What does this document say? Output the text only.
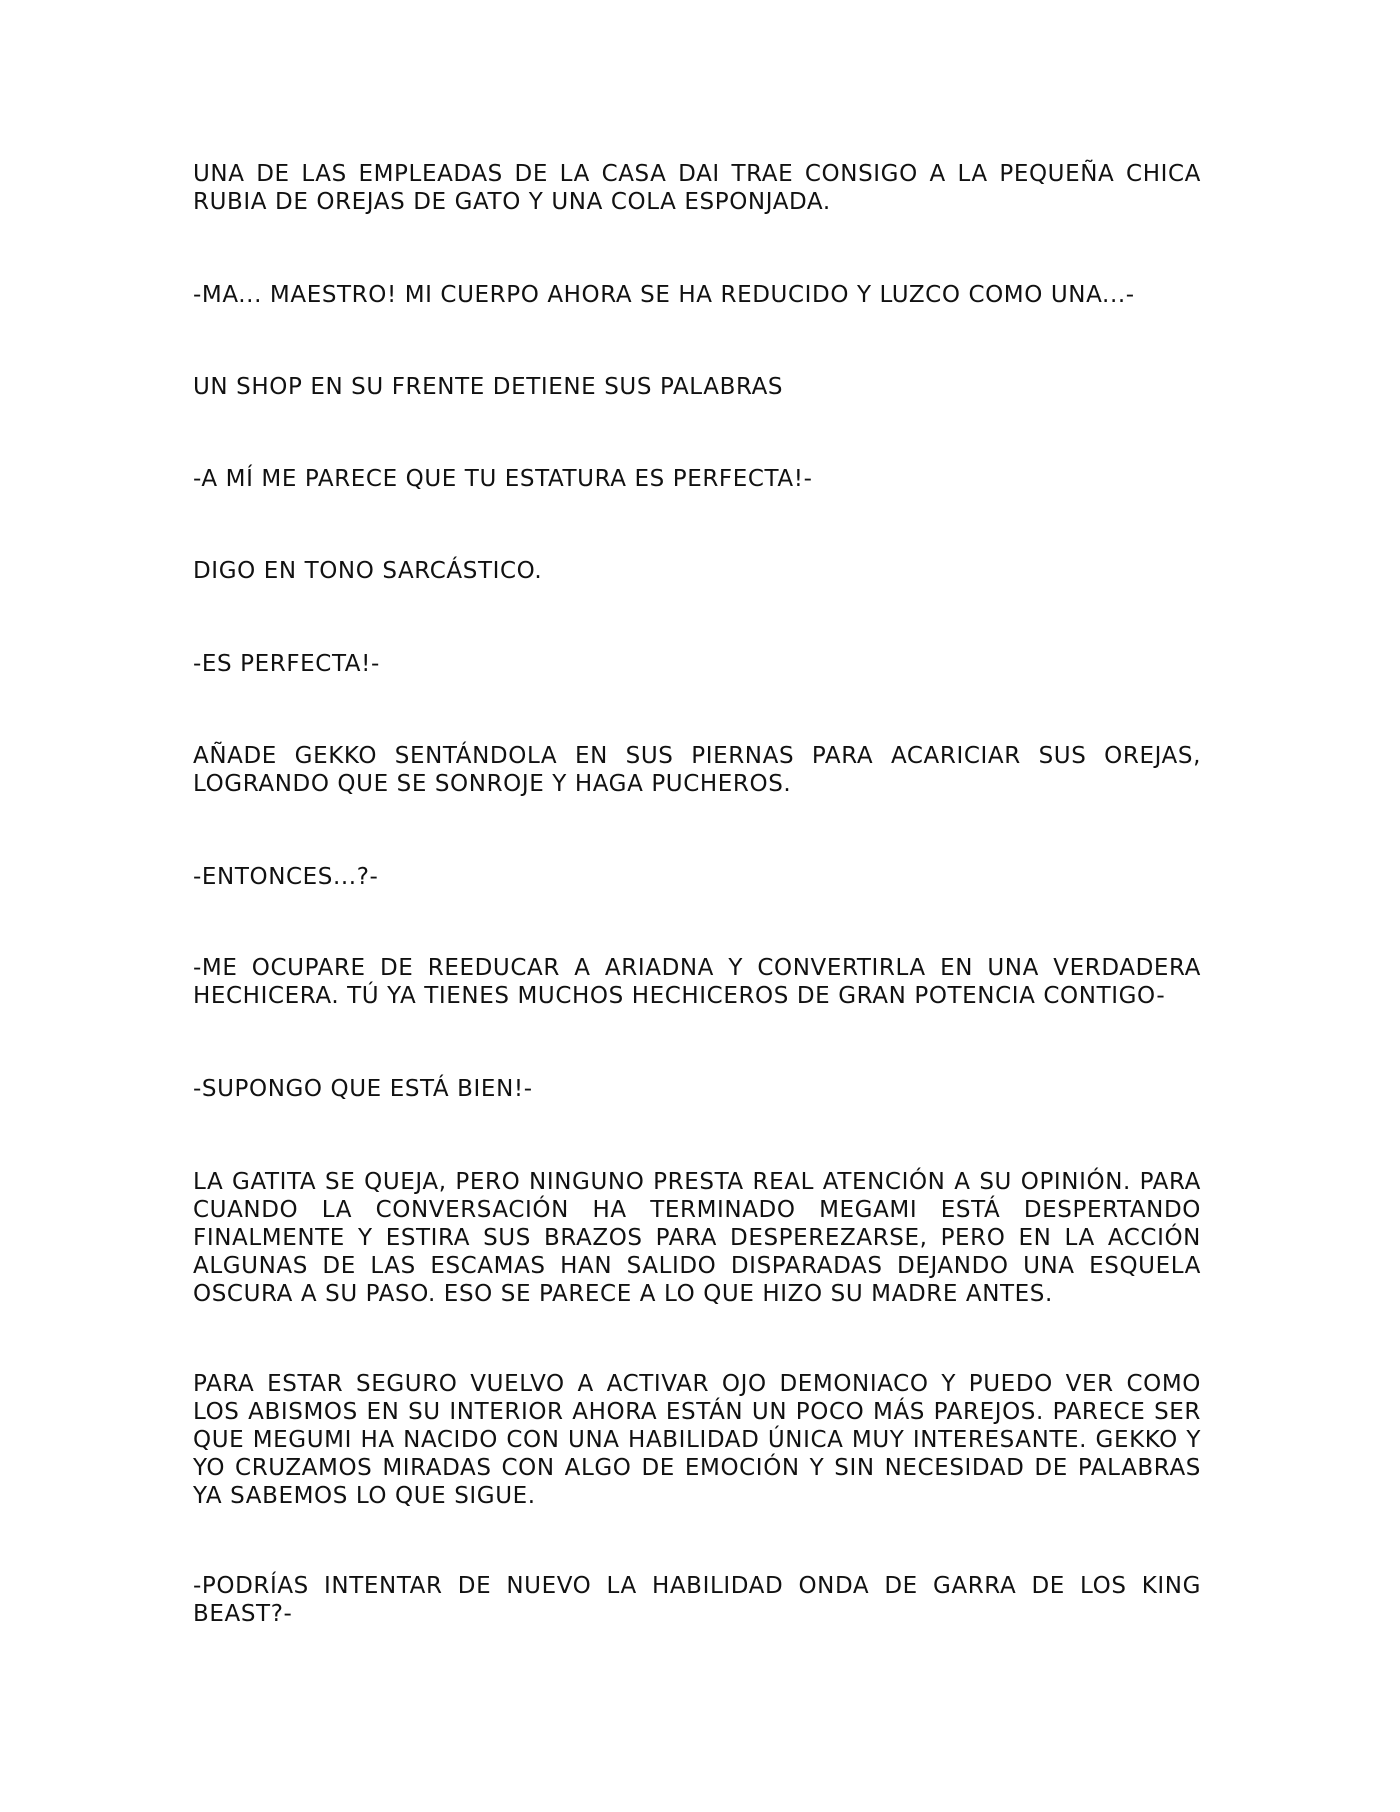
UNA DE LAS EMPLEADAS DE LA CASA DAI TRAE CONSIGO A LA PEQUEÑA CHICA RUBIA DE OREJAS DE GATO Y UNA COLA ESPONJADA.

-MA... MAESTRO! MI CUERPO AHORA SE HA REDUCIDO Y LUZCO COMO UNA...-

UN SHOP EN SU FRENTE DETIENE SUS PALABRAS

-A MÍ ME PARECE QUE TU ESTATURA ES PERFECTA!-

DIGO EN TONO SARCÁSTICO.

-ES PERFECTA!-

AÑADE GEKKO SENTÁNDOLA EN SUS PIERNAS PARA ACARICIAR SUS OREJAS, LOGRANDO QUE SE SONROJE Y HAGA PUCHEROS.

-ENTONCES...?-

-ME OCUPARE DE REEDUCAR A ARIADNA Y CONVERTIRLA EN UNA VERDADERA HECHICERA. TÚ YA TIENES MUCHOS HECHICEROS DE GRAN POTENCIA CONTIGO-

-SUPONGO QUE ESTÁ BIEN!-

LA GATITA SE QUEJA, PERO NINGUNO PRESTA REAL ATENCIÓN A SU OPINIÓN. PARA CUANDO LA CONVERSACIÓN HA TERMINADO MEGAMI ESTÁ DESPERTANDO FINALMENTE Y ESTIRA SUS BRAZOS PARA DESPEREZARSE, PERO EN LA ACCIÓN ALGUNAS DE LAS ESCAMAS HAN SALIDO DISPARADAS DEJANDO UNA ESQUELA OSCURA A SU PASO. ESO SE PARECE A LO QUE HIZO SU MADRE ANTES.

PARA ESTAR SEGURO VUELVO A ACTIVAR OJO DEMONIACO Y PUEDO VER COMO LOS ABISMOS EN SU INTERIOR AHORA ESTÁN UN POCO MÁS PAREJOS. PARECE SER QUE MEGUMI HA NACIDO CON UNA HABILIDAD ÚNICA MUY INTERESANTE. GEKKO Y YO CRUZAMOS MIRADAS CON ALGO DE EMOCIÓN Y SIN NECESIDAD DE PALABRAS YA SABEMOS LO QUE SIGUE.

-PODRÍAS INTENTAR DE NUEVO LA HABILIDAD ONDA DE GARRA DE LOS KING BEAST?-
